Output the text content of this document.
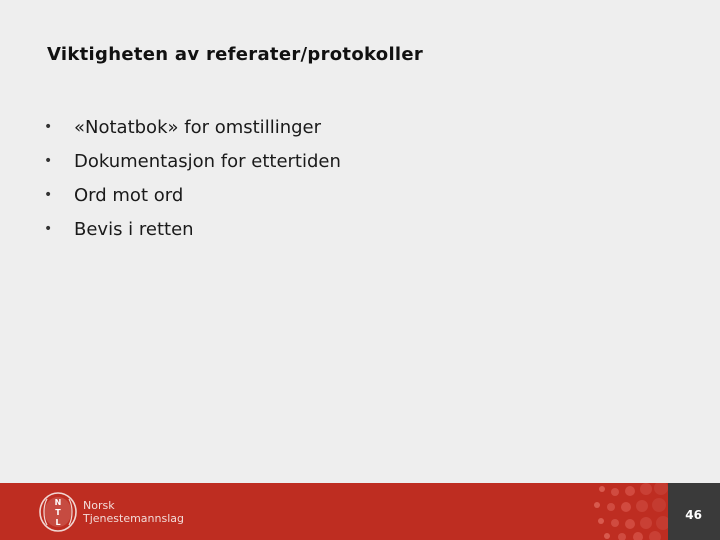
Viktigheten av referater/protokoller
•	«Notatbok» for omstillinger
•	Dokumentasjon for ettertiden
•	Ord mot ord
•	Bevis i retten
N
T
L
Norsk
Tjenestemannslag	46
